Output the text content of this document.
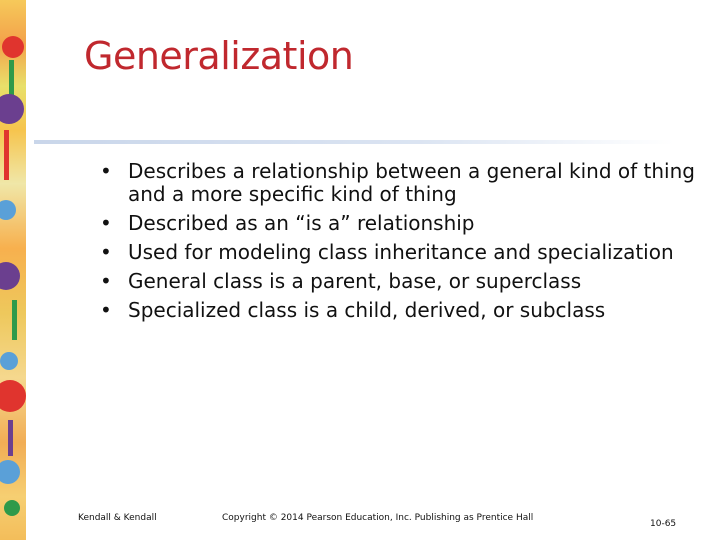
Generalization
• Describes a relationship between a general kind of thing and a more specific kind of thing
• Described as an “is a” relationship
• Used for modeling class inheritance and specialization
• General class is a parent, base, or superclass
• Specialized class is a child, derived, or subclass
Kendall & Kendall	Copyright © 2014 Pearson Education, Inc. Publishing as Prentice Hall
10-65
